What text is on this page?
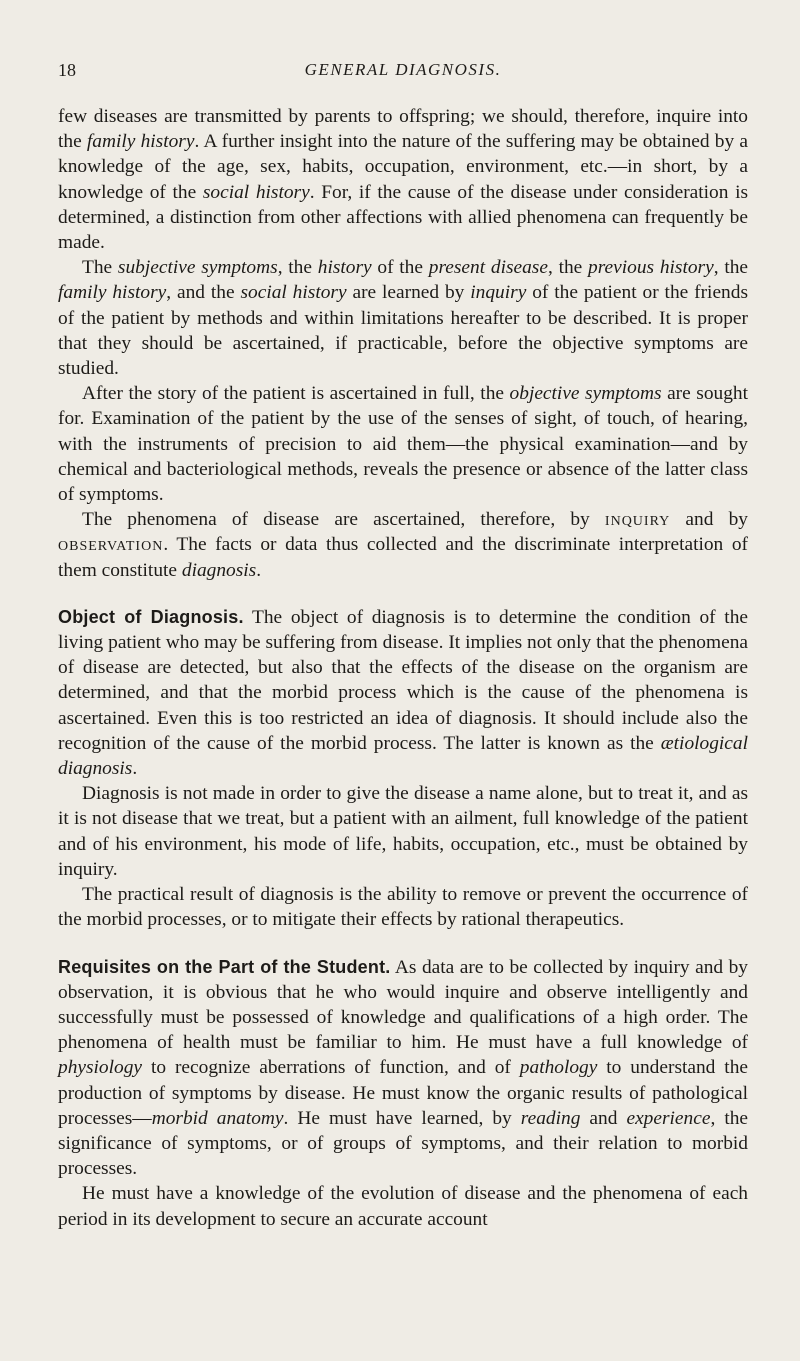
18	GENERAL DIAGNOSIS.

few diseases are transmitted by parents to offspring; we should, therefore, inquire into the family history. A further insight into the nature of the suffering may be obtained by a knowledge of the age, sex, habits, occupation, environment, etc.—in short, by a knowledge of the social history. For, if the cause of the disease under consideration is determined, a distinction from other affections with allied phenomena can frequently be made.

The subjective symptoms, the history of the present disease, the previous history, the family history, and the social history are learned by inquiry of the patient or the friends of the patient by methods and within limitations hereafter to be described. It is proper that they should be ascertained, if practicable, before the objective symptoms are studied.

After the story of the patient is ascertained in full, the objective symptoms are sought for. Examination of the patient by the use of the senses of sight, of touch, of hearing, with the instruments of precision to aid them—the physical examination—and by chemical and bacteriological methods, reveals the presence or absence of the latter class of symptoms.

The phenomena of disease are ascertained, therefore, by inquiry and by observation. The facts or data thus collected and the discriminate interpretation of them constitute diagnosis.

Object of Diagnosis. The object of diagnosis is to determine the condition of the living patient who may be suffering from disease. It implies not only that the phenomena of disease are detected, but also that the effects of the disease on the organism are determined, and that the morbid process which is the cause of the phenomena is ascertained. Even this is too restricted an idea of diagnosis. It should include also the recognition of the cause of the morbid process. The latter is known as the ætiological diagnosis.

Diagnosis is not made in order to give the disease a name alone, but to treat it, and as it is not disease that we treat, but a patient with an ailment, full knowledge of the patient and of his environment, his mode of life, habits, occupation, etc., must be obtained by inquiry.

The practical result of diagnosis is the ability to remove or prevent the occurrence of the morbid processes, or to mitigate their effects by rational therapeutics.

Requisites on the Part of the Student. As data are to be collected by inquiry and by observation, it is obvious that he who would inquire and observe intelligently and successfully must be possessed of knowledge and qualifications of a high order. The phenomena of health must be familiar to him. He must have a full knowledge of physiology to recognize aberrations of function, and of pathology to understand the production of symptoms by disease. He must know the organic results of pathological processes—morbid anatomy. He must have learned, by reading and experience, the significance of symptoms, or of groups of symptoms, and their relation to morbid processes.

He must have a knowledge of the evolution of disease and the phenomena of each period in its development to secure an accurate account
